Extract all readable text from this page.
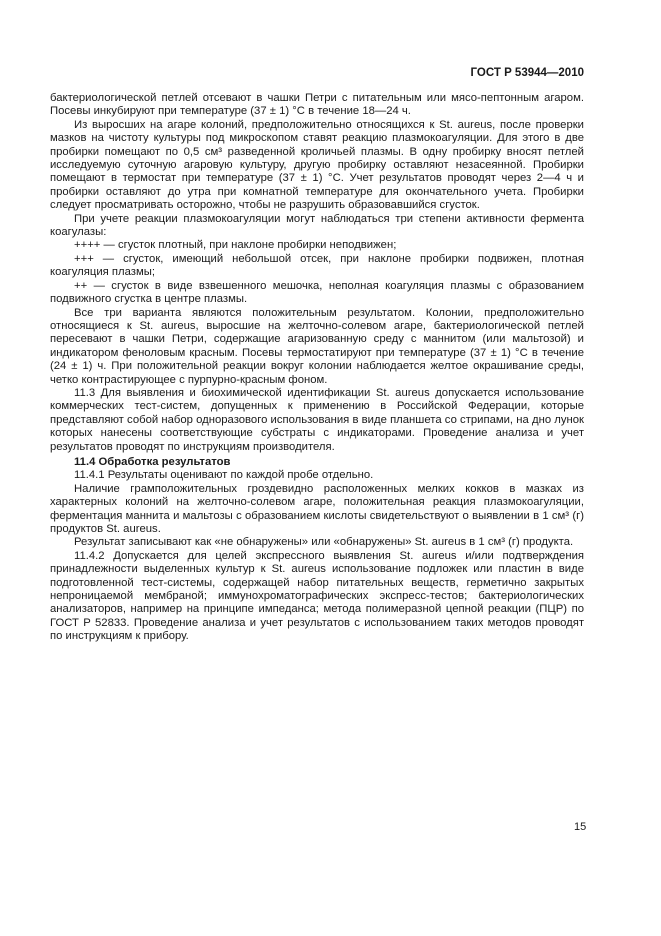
ГОСТ Р 53944—2010

бактериологической петлей отсевают в чашки Петри с питательным или мясо-пептонным агаром. Посевы инкубируют при температуре (37 ± 1) °С в течение 18—24 ч.

Из выросших на агаре колоний, предположительно относящихся к St. aureus, после проверки мазков на чистоту культуры под микроскопом ставят реакцию плазмокоагуляции. Для этого в две пробирки помещают по 0,5 см³ разведенной кроличьей плазмы. В одну пробирку вносят петлей исследуемую суточную агаровую культуру, другую пробирку оставляют незасеянной. Пробирки помещают в термостат при температуре (37 ± 1) °С. Учет результатов проводят через 2—4 ч и пробирки оставляют до утра при комнатной температуре для окончательного учета. Пробирки следует просматривать осторожно, чтобы не разрушить образовавшийся сгусток.

При учете реакции плазмокоагуляции могут наблюдаться три степени активности фермента коагулазы:

++++ — сгусток плотный, при наклоне пробирки неподвижен;

+++ — сгусток, имеющий небольшой отсек, при наклоне пробирки подвижен, плотная коагуляция плазмы;

++ — сгусток в виде взвешенного мешочка, неполная коагуляция плазмы с образованием подвижного сгустка в центре плазмы.

Все три варианта являются положительным результатом. Колонии, предположительно относящиеся к St. aureus, выросшие на желточно-солевом агаре, бактериологической петлей пересевают в чашки Петри, содержащие агаризованную среду с маннитом (или мальтозой) и индикатором феноловым красным. Посевы термостатируют при температуре (37 ± 1) °С в течение (24 ± 1) ч. При положительной реакции вокруг колонии наблюдается желтое окрашивание среды, четко контрастирующее с пурпурно-красным фоном.

11.3 Для выявления и биохимической идентификации St. aureus допускается использование коммерческих тест-систем, допущенных к применению в Российской Федерации, которые представляют собой набор одноразового использования в виде планшета со стрипами, на дно лунок которых нанесены соответствующие субстраты с индикаторами. Проведение анализа и учет результатов проводят по инструкциям производителя.

11.4 Обработка результатов

11.4.1 Результаты оценивают по каждой пробе отдельно.

Наличие грамположительных гроздевидно расположенных мелких кокков в мазках из характерных колоний на желточно-солевом агаре, положительная реакция плазмокоагуляции, ферментация маннита и мальтозы с образованием кислоты свидетельствуют о выявлении в 1 см³ (г) продуктов St. aureus.

Результат записывают как «не обнаружены» или «обнаружены» St. aureus в 1 см³ (г) продукта.

11.4.2 Допускается для целей экспрессного выявления St. aureus и/или подтверждения принадлежности выделенных культур к St. aureus использование подложек или пластин в виде подготовленной тест-системы, содержащей набор питательных веществ, герметично закрытых непроницаемой мембраной; иммунохроматографических экспресс-тестов; бактериологических анализаторов, например на принципе импеданса; метода полимеразной цепной реакции (ПЦР) по ГОСТ Р 52833. Проведение анализа и учет результатов с использованием таких методов проводят по инструкциям к прибору.

15
